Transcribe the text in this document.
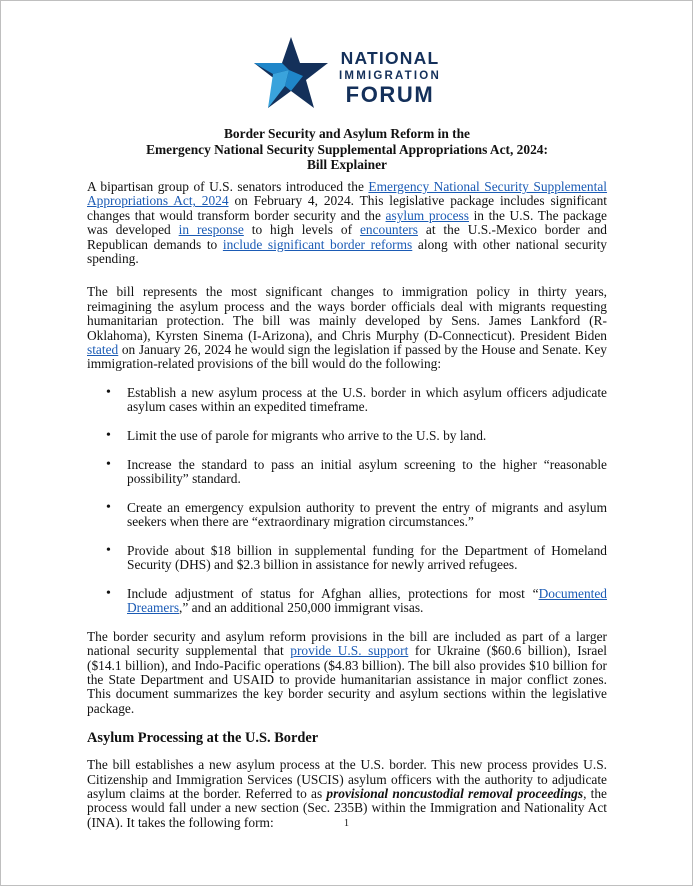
NATIONAL
IMMIGRATION
FORUM
Border Security and Asylum Reform in the
Emergency National Security Supplemental Appropriations Act, 2024:
Bill Explainer

A bipartisan group of U.S. senators introduced the Emergency National Security Supplemental Appropriations Act, 2024 on February 4, 2024. This legislative package includes significant changes that would transform border security and the asylum process in the U.S. The package was developed in response to high levels of encounters at the U.S.-Mexico border and Republican demands to include significant border reforms along with other national security spending.

The bill represents the most significant changes to immigration policy in thirty years, reimagining the asylum process and the ways border officials deal with migrants requesting humanitarian protection. The bill was mainly developed by Sens. James Lankford (R-Oklahoma), Kyrsten Sinema (I-Arizona), and Chris Murphy (D-Connecticut). President Biden stated on January 26, 2024 he would sign the legislation if passed by the House and Senate. Key immigration-related provisions of the bill would do the following:

• Establish a new asylum process at the U.S. border in which asylum officers adjudicate asylum cases within an expedited timeframe.
• Limit the use of parole for migrants who arrive to the U.S. by land.
• Increase the standard to pass an initial asylum screening to the higher “reasonable possibility” standard.
• Create an emergency expulsion authority to prevent the entry of migrants and asylum seekers when there are “extraordinary migration circumstances.”
• Provide about $18 billion in supplemental funding for the Department of Homeland Security (DHS) and $2.3 billion in assistance for newly arrived refugees.
• Include adjustment of status for Afghan allies, protections for most “Documented Dreamers,” and an additional 250,000 immigrant visas.

The border security and asylum reform provisions in the bill are included as part of a larger national security supplemental that provide U.S. support for Ukraine ($60.6 billion), Israel ($14.1 billion), and Indo-Pacific operations ($4.83 billion). The bill also provides $10 billion for the State Department and USAID to provide humanitarian assistance in major conflict zones. This document summarizes the key border security and asylum sections within the legislative package.

Asylum Processing at the U.S. Border

The bill establishes a new asylum process at the U.S. border. This new process provides U.S. Citizenship and Immigration Services (USCIS) asylum officers with the authority to adjudicate asylum claims at the border. Referred to as provisional noncustodial removal proceedings, the process would fall under a new section (Sec. 235B) within the Immigration and Nationality Act (INA). It takes the following form:	1
